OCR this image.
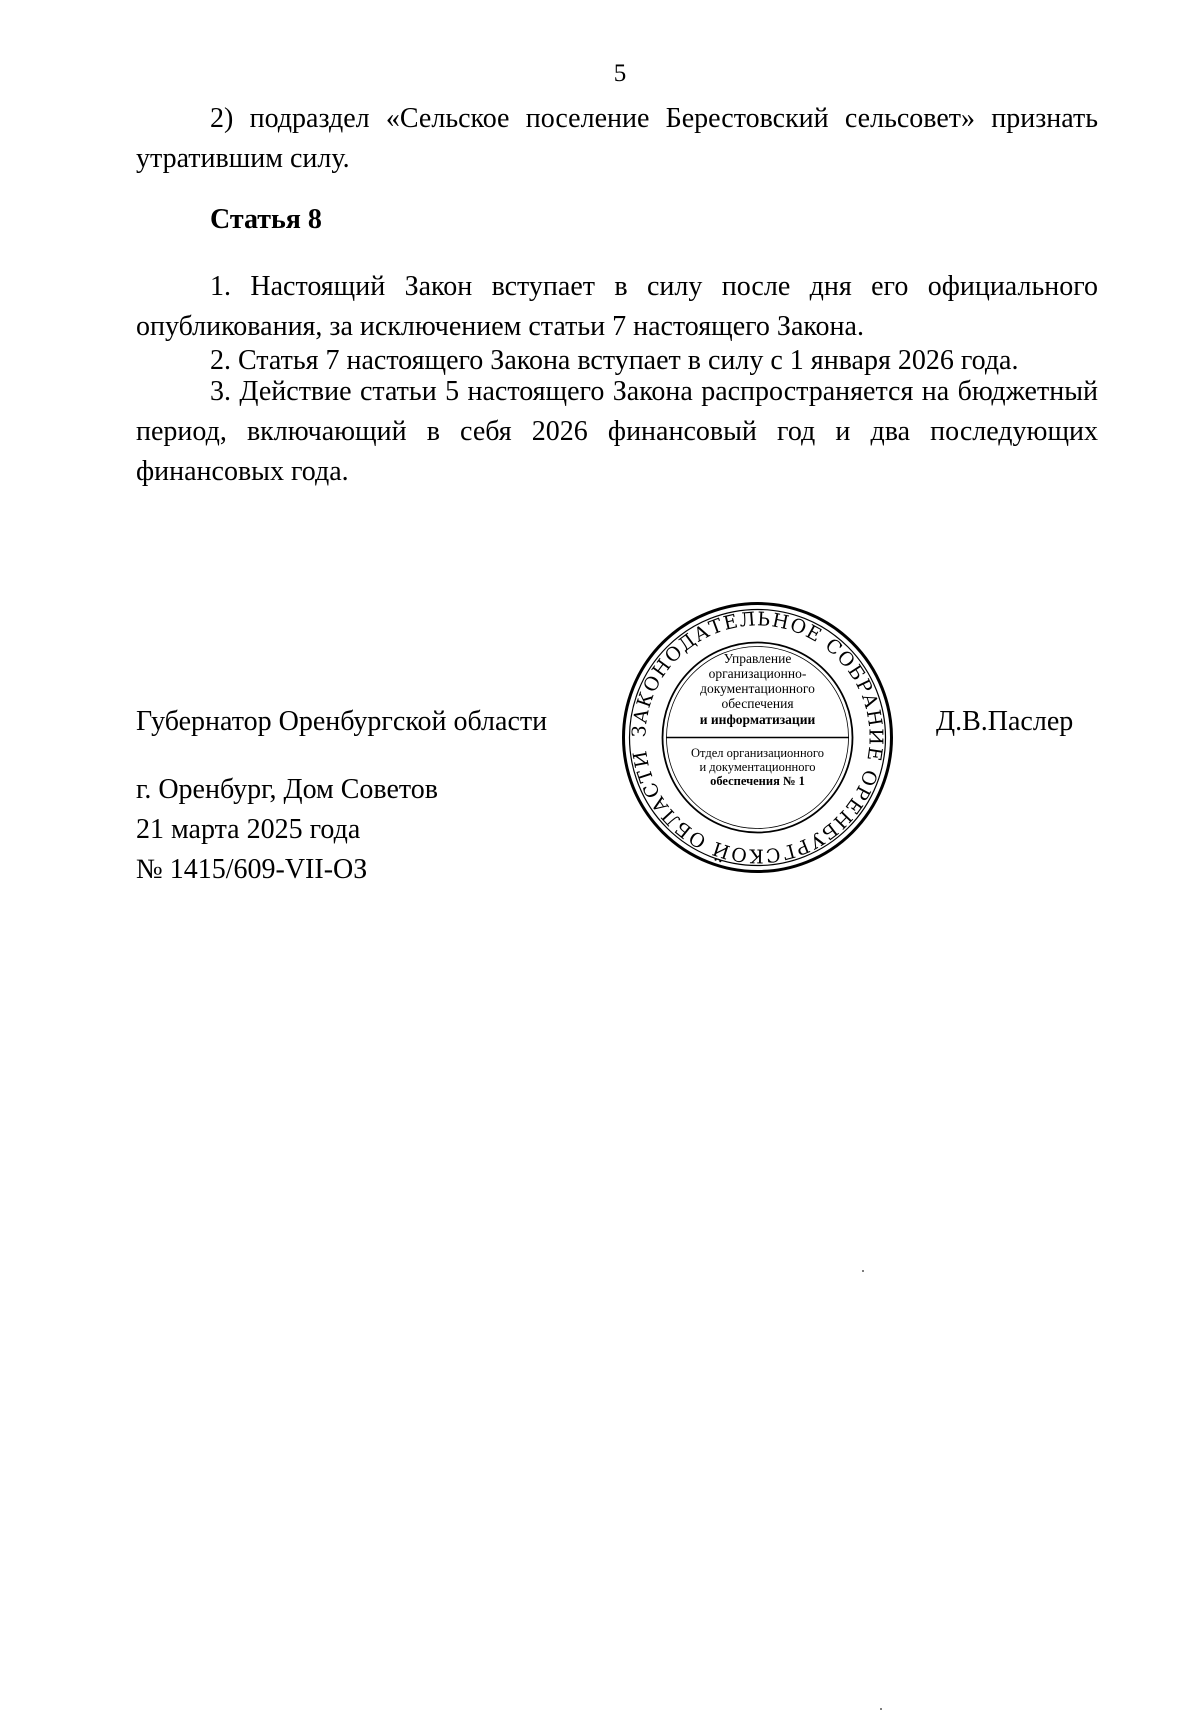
5

2) подраздел «Сельское поселение Берестовский сельсовет» признать утратившим силу.

Статья 8

1. Настоящий Закон вступает в силу после дня его официального опубликования, за исключением статьи 7 настоящего Закона.

2. Статья 7 настоящего Закона вступает в силу с 1 января 2026 года.

3. Действие статьи 5 настоящего Закона распространяется на бюджетный период, включающий в себя 2026 финансовый год и два последующих финансовых года.

Губернатор Оренбургской области	Д.В.Паслер
г. Оренбург, Дом Советов
21 марта 2025 года
№ 1415/609-VII-ОЗ
ЗАКОНОДАТЕЛЬНОЕ СОБРАНИЕ ОРЕНБУРГСКОЙ ОБЛАСТИ
Управление
организационно-
документационного
обеспечения
и информатизации
Отдел организационного
и документационного
обеспечения № 1
